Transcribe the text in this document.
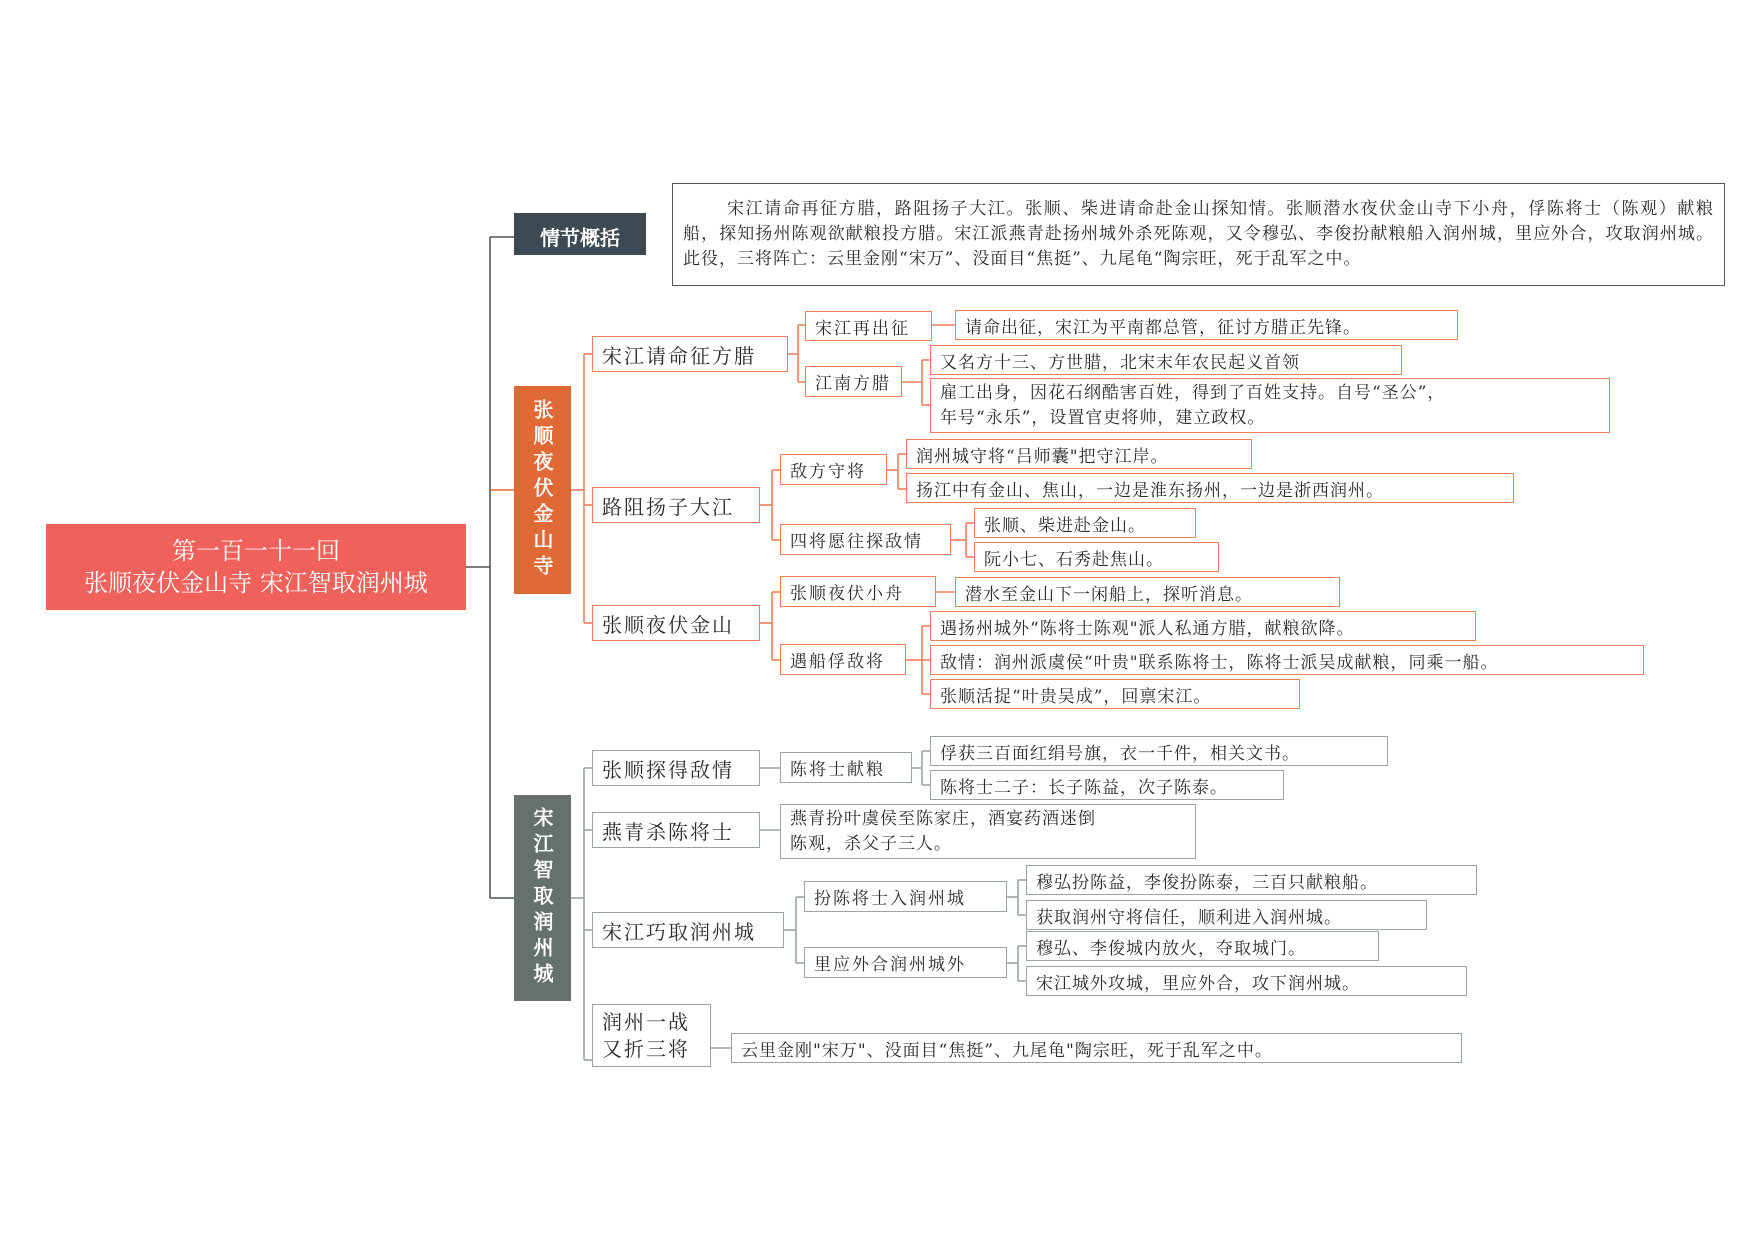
第一百一十一回
张顺夜伏金山寺 宋江智取润州城
情节概括
宋江请命再征方腊，路阻扬子大江。张顺、柴进请命赴金山探知情。张顺潜水夜伏金山寺下小舟，俘陈将士（陈观）献粮船，探知扬州陈观欲献粮投方腊。宋江派燕青赴扬州城外杀死陈观，又令穆弘、李俊扮献粮船入润州城，里应外合，攻取润州城。此役，三将阵亡：云里金刚“宋万”、没面目“焦挺”、九尾龟“陶宗旺，死于乱军之中。
张顺夜伏金山寺
宋江请命征方腊
宋江再出征	请命出征，宋江为平南都总管，征讨方腊正先锋。
江南方腊
又名方十三、方世腊，北宋末年农民起义首领
雇工出身，因花石纲酷害百姓，得到了百姓支持。自号“圣公”，
年号“永乐”，设置官吏将帅，建立政权。
路阻扬子大江
敌方守将
润州城守将“吕师囊"把守江岸。
扬江中有金山、焦山，一边是淮东扬州，一边是浙西润州。
四将愿往探敌情
张顺、柴进赴金山。
阮小七、石秀赴焦山。
张顺夜伏金山
张顺夜伏小舟	潜水至金山下一闲船上，探听消息。
遇船俘敌将
遇扬州城外“陈将士陈观"派人私通方腊，献粮欲降。
敌情：润州派虞侯“叶贵"联系陈将士，陈将士派吴成献粮，同乘一船。
张顺活捉“叶贵吴成”，回禀宋江。
宋江智取润州城
张顺探得敌情	陈将士献粮
俘获三百面红绢号旗，衣一千件，相关文书。
陈将士二子：长子陈益，次子陈泰。
燕青杀陈将士
燕青扮叶虞侯至陈家庄，酒宴药酒迷倒
陈观，杀父子三人。
宋江巧取润州城
扮陈将士入润州城
穆弘扮陈益，李俊扮陈泰，三百只献粮船。
获取润州守将信任，顺利进入润州城。
里应外合润州城外
穆弘、李俊城内放火，夺取城门。
宋江城外攻城，里应外合，攻下润州城。
润州一战
又折三将	云里金刚"宋万"、没面目“焦挺”、九尾龟"陶宗旺，死于乱军之中。
